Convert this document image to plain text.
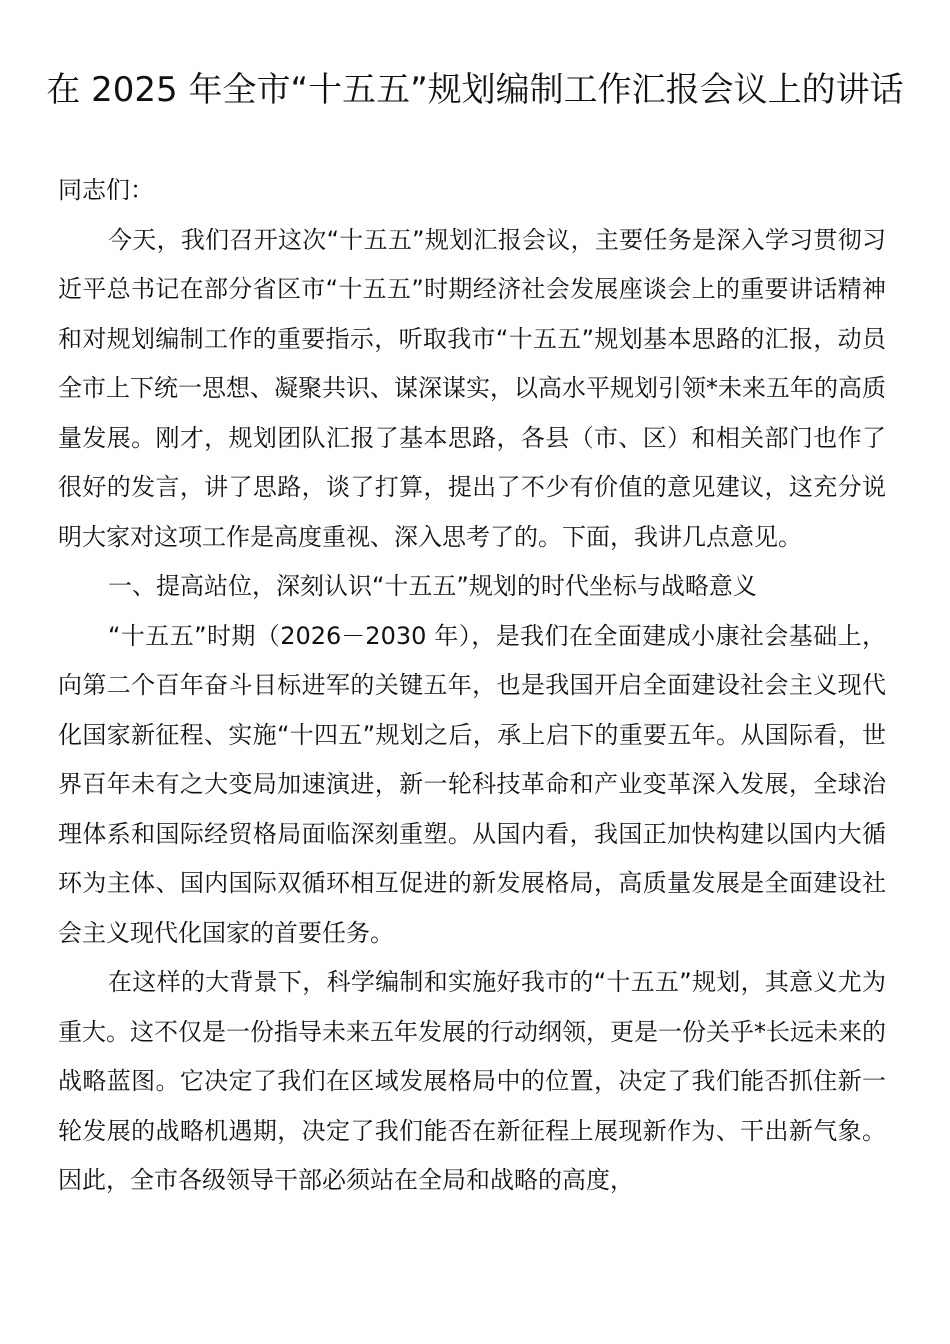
在 2025 年全市“十五五”规划编制工作汇报会议上的讲话

同志们：

今天，我们召开这次“十五五”规划汇报会议，主要任务是深入学习贯彻习近平总书记在部分省区市“十五五”时期经济社会发展座谈会上的重要讲话精神和对规划编制工作的重要指示，听取我市“十五五”规划基本思路的汇报，动员全市上下统一思想、凝聚共识、谋深谋实，以高水平规划引领*未来五年的高质量发展。刚才，规划团队汇报了基本思路，各县（市、区）和相关部门也作了很好的发言，讲了思路，谈了打算，提出了不少有价值的意见建议，这充分说明大家对这项工作是高度重视、深入思考了的。下面，我讲几点意见。

一、提高站位，深刻认识“十五五”规划的时代坐标与战略意义

“十五五”时期（2026－2030 年），是我们在全面建成小康社会基础上，向第二个百年奋斗目标进军的关键五年，也是我国开启全面建设社会主义现代化国家新征程、实施“十四五”规划之后，承上启下的重要五年。从国际看，世界百年未有之大变局加速演进，新一轮科技革命和产业变革深入发展，全球治理体系和国际经贸格局面临深刻重塑。从国内看，我国正加快构建以国内大循环为主体、国内国际双循环相互促进的新发展格局，高质量发展是全面建设社会主义现代化国家的首要任务。

在这样的大背景下，科学编制和实施好我市的“十五五”规划，其意义尤为重大。这不仅是一份指导未来五年发展的行动纲领，更是一份关乎*长远未来的战略蓝图。它决定了我们在区域发展格局中的位置，决定了我们能否抓住新一轮发展的战略机遇期，决定了我们能否在新征程上展现新作为、干出新气象。因此，全市各级领导干部必须站在全局和战略的高度，
